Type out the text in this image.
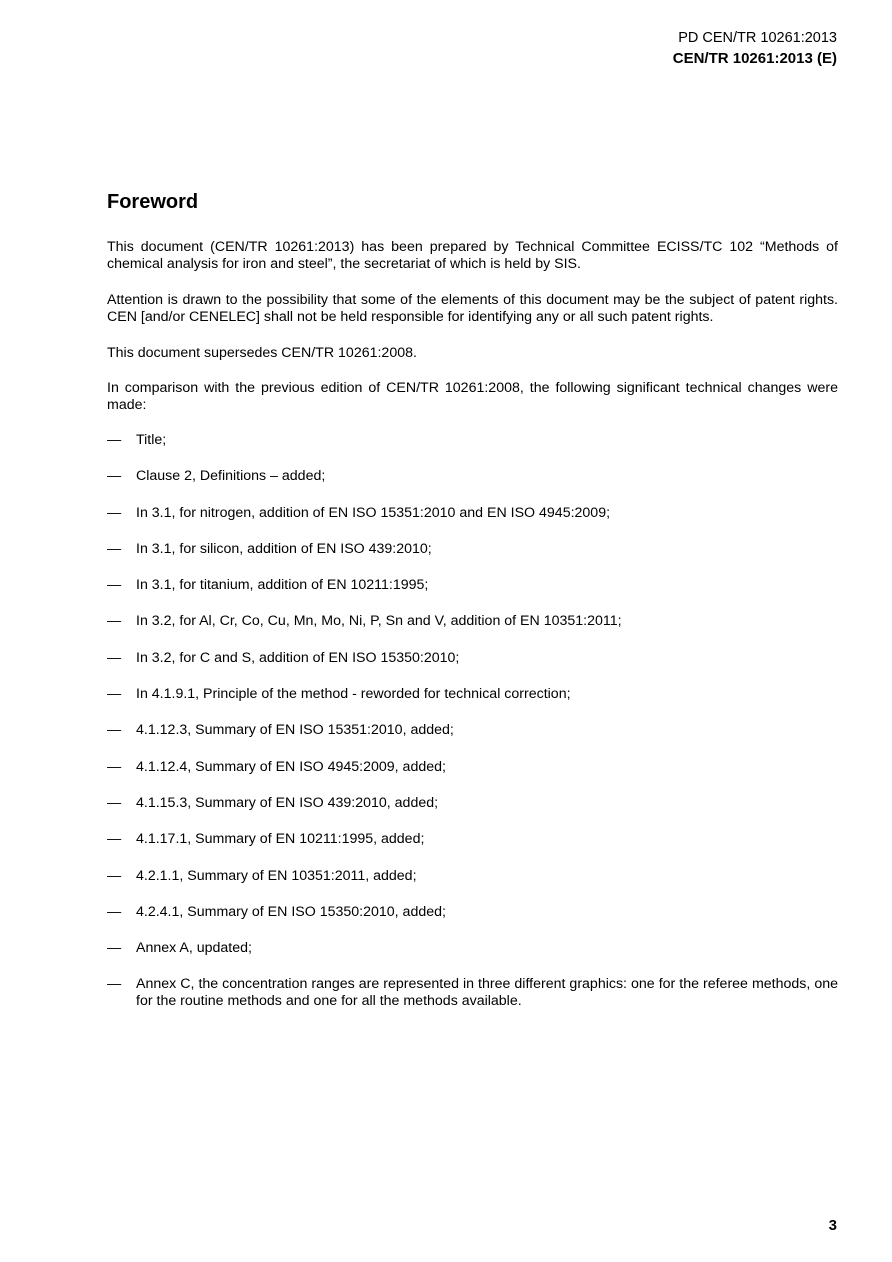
PD CEN/TR 10261:2013
CEN/TR 10261:2013 (E)
Foreword

This document (CEN/TR 10261:2013) has been prepared by Technical Committee ECISS/TC 102 “Methods of chemical analysis for iron and steel”, the secretariat of which is held by SIS.

Attention is drawn to the possibility that some of the elements of this document may be the subject of patent rights. CEN [and/or CENELEC] shall not be held responsible for identifying any or all such patent rights.

This document supersedes CEN/TR 10261:2008.

In comparison with the previous edition of CEN/TR 10261:2008, the following significant technical changes were made:

— Title;
— Clause 2, Definitions – added;
— In 3.1, for nitrogen, addition of EN ISO 15351:2010 and EN ISO 4945:2009;
— In 3.1, for silicon, addition of EN ISO 439:2010;
— In 3.1, for titanium, addition of EN 10211:1995;
— In 3.2, for Al, Cr, Co, Cu, Mn, Mo, Ni, P, Sn and V, addition of EN 10351:2011;
— In 3.2, for C and S, addition of EN ISO 15350:2010;
— In 4.1.9.1, Principle of the method - reworded for technical correction;
— 4.1.12.3, Summary of EN ISO 15351:2010, added;
— 4.1.12.4, Summary of EN ISO 4945:2009, added;
— 4.1.15.3, Summary of EN ISO 439:2010, added;
— 4.1.17.1, Summary of EN 10211:1995, added;
— 4.2.1.1, Summary of EN 10351:2011, added;
— 4.2.4.1, Summary of EN ISO 15350:2010, added;
— Annex A, updated;
— Annex C, the concentration ranges are represented in three different graphics: one for the referee methods, one for the routine methods and one for all the methods available.
3
